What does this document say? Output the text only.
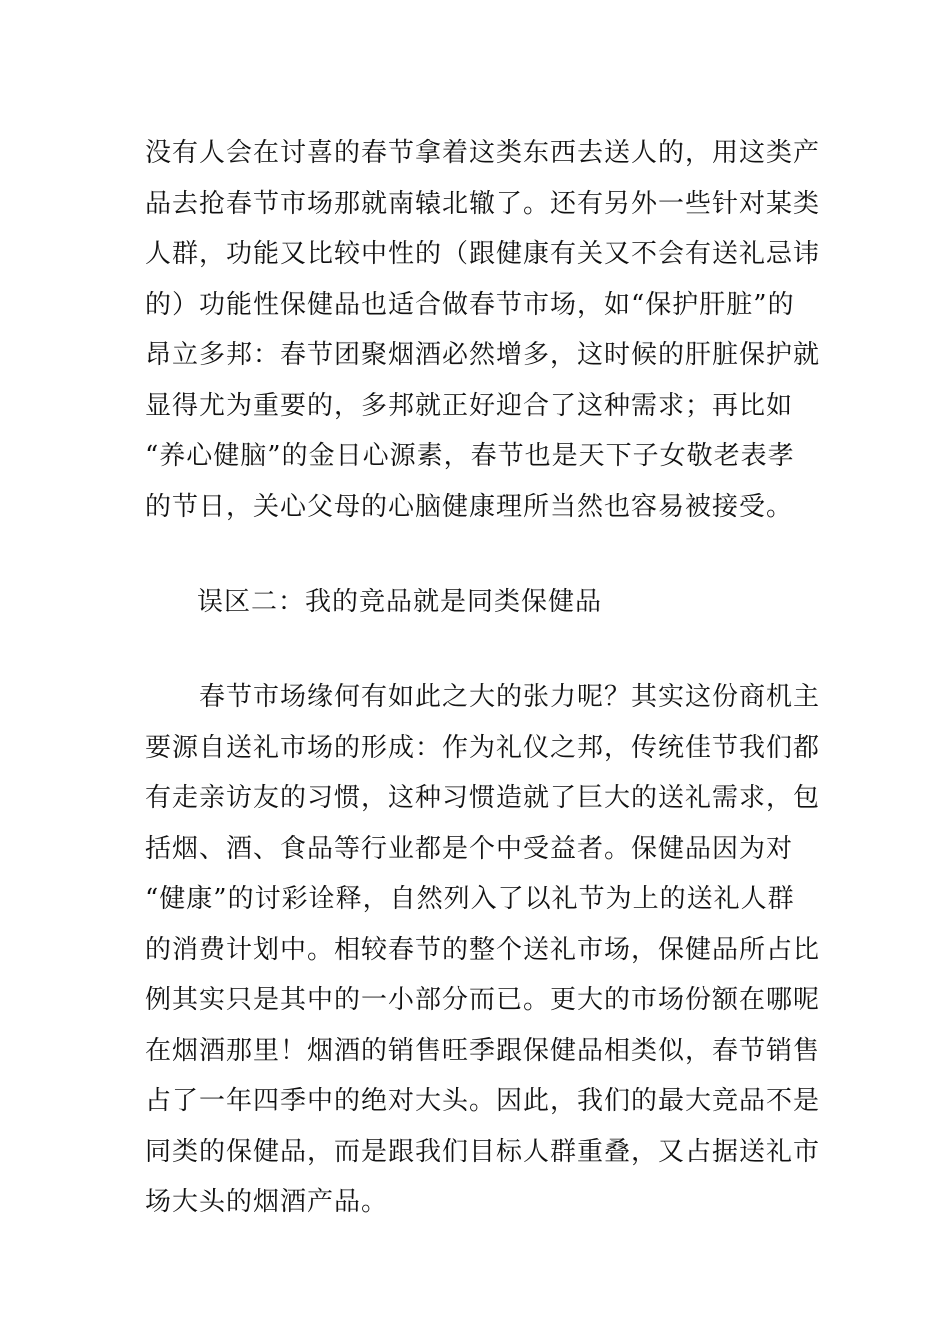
没有人会在讨喜的春节拿着这类东西去送人的，用这类产
品去抢春节市场那就南辕北辙了。还有另外一些针对某类
人群，功能又比较中性的（跟健康有关又不会有送礼忌讳
的）功能性保健品也适合做春节市场，如“保护肝脏”的
昂立多邦：春节团聚烟酒必然增多，这时候的肝脏保护就
显得尤为重要的，多邦就正好迎合了这种需求；再比如
“养心健脑”的金日心源素，春节也是天下子女敬老表孝
的节日，关心父母的心脑健康理所当然也容易被接受。
误区二：我的竞品就是同类保健品
　　春节市场缘何有如此之大的张力呢？其实这份商机主
要源自送礼市场的形成：作为礼仪之邦，传统佳节我们都
有走亲访友的习惯，这种习惯造就了巨大的送礼需求，包
括烟、酒、食品等行业都是个中受益者。保健品因为对
“健康”的讨彩诠释，自然列入了以礼节为上的送礼人群
的消费计划中。相较春节的整个送礼市场，保健品所占比
例其实只是其中的一小部分而已。更大的市场份额在哪呢
在烟酒那里！烟酒的销售旺季跟保健品相类似，春节销售
占了一年四季中的绝对大头。因此，我们的最大竞品不是
同类的保健品，而是跟我们目标人群重叠，又占据送礼市
场大头的烟酒产品。
